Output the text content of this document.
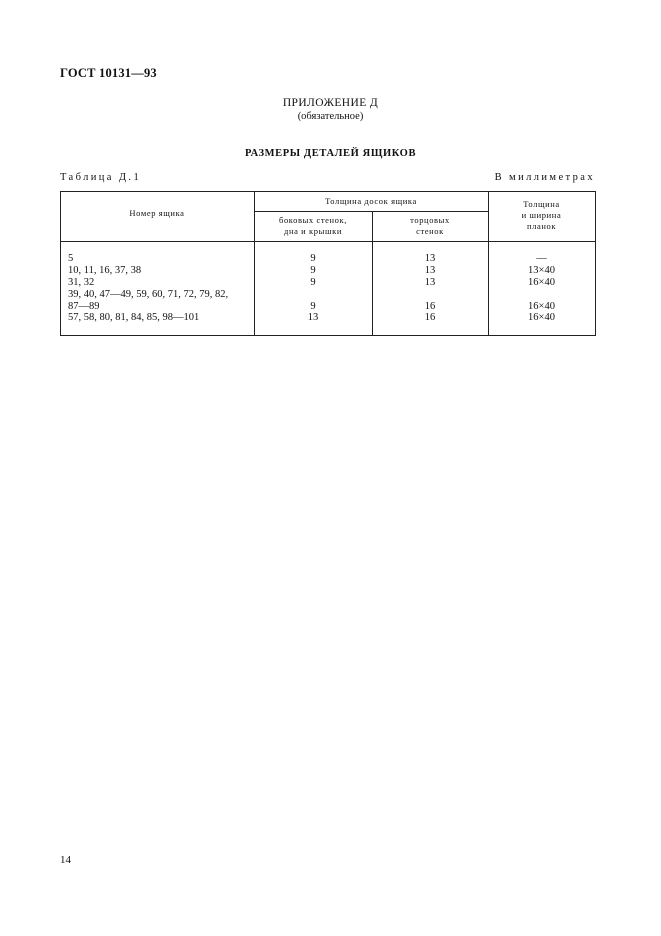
ГОСТ 10131—93
ПРИЛОЖЕНИЕ Д
(обязательное)
РАЗМЕРЫ ДЕТАЛЕЙ ЯЩИКОВ
Таблица Д.1	В миллиметрах
Номер ящика
Толщина досок ящика
боковых стенок,
дна и крышки
торцовых
стенок
Толщина
и ширина
планок
5
10, 11, 16, 37, 38
31, 32
39, 40, 47—49, 59, 60, 71, 72, 79, 82,
87—89
57, 58, 80, 81, 84, 85, 98—101
9
9
9
9
13
13
13
13
16
16
—
13×40
16×40
16×40
16×40
14
